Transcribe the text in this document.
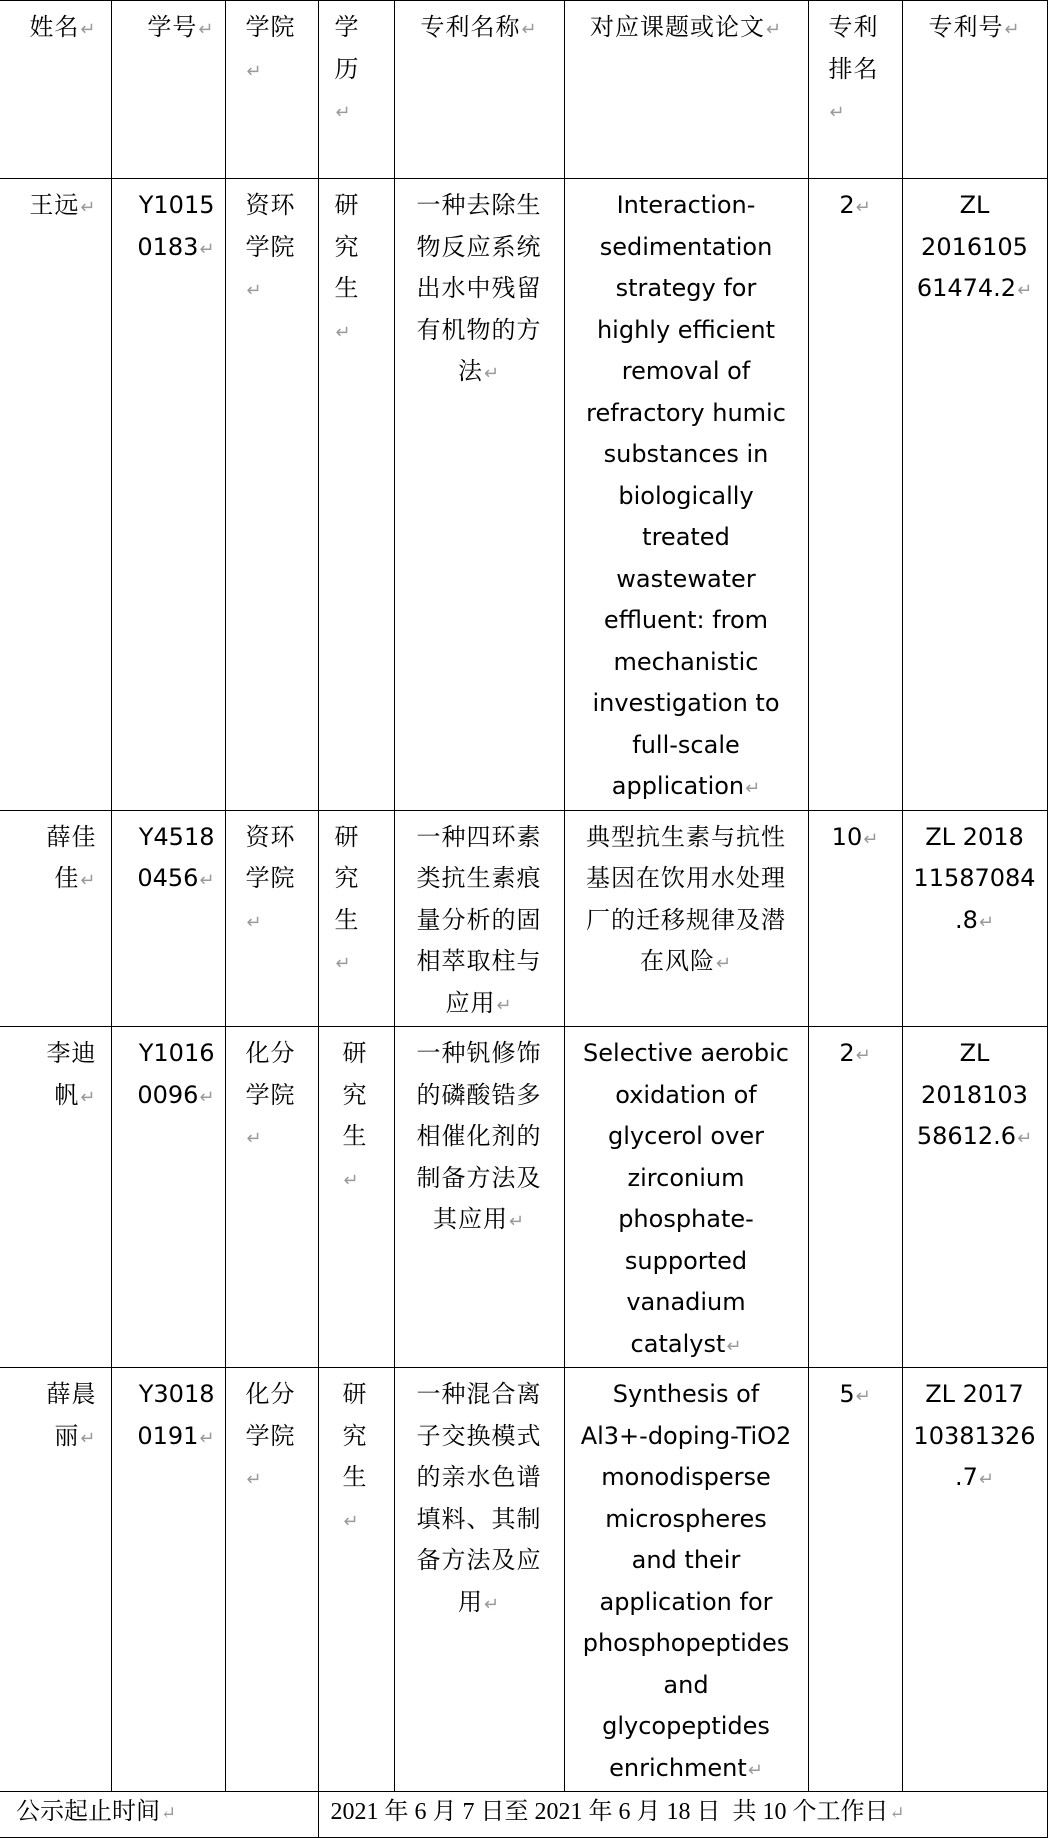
姓名↵	学号↵	学院↵	学历↵	专利名称↵	对应课题或论文↵	专利排名↵	专利号↵

王远↵	Y10150183↵	资环学院↵	研究生↵	一种去除生物反应系统出水中残留有机物的方法↵	Interaction-sedimentation strategy for highly efficient removal of refractory humic substances in biologically treated wastewater effluent: from mechanistic investigation to full-scale application↵	2↵	ZL 201610561474.2↵

薛佳佳↵	Y45180456↵	资环学院↵	研究生↵	一种四环素类抗生素痕量分析的固相萃取柱与应用↵	典型抗生素与抗性基因在饮用水处理厂的迁移规律及潜在风险↵	10↵	ZL 2018 11587084.8↵

李迪帆↵	Y10160096↵	化分学院↵	研究生↵	一种钒修饰的磷酸锆多相催化剂的制备方法及其应用↵	Selective aerobic oxidation of glycerol over zirconium phosphate-supported vanadium catalyst↵	2↵	ZL 201810358612.6↵

薛晨丽↵	Y30180191↵	化分学院↵	研究生↵	一种混合离子交换模式的亲水色谱填料、其制备方法及应用↵	Synthesis of Al3+-doping-TiO2 monodisperse microspheres and their application for phosphopeptides and glycopeptides enrichment↵	5↵	ZL 2017 10381326.7↵

公示起止时间↵			2021 年 6 月 7 日至 2021 年 6 月 18 日  共 10 个工作日↵				
